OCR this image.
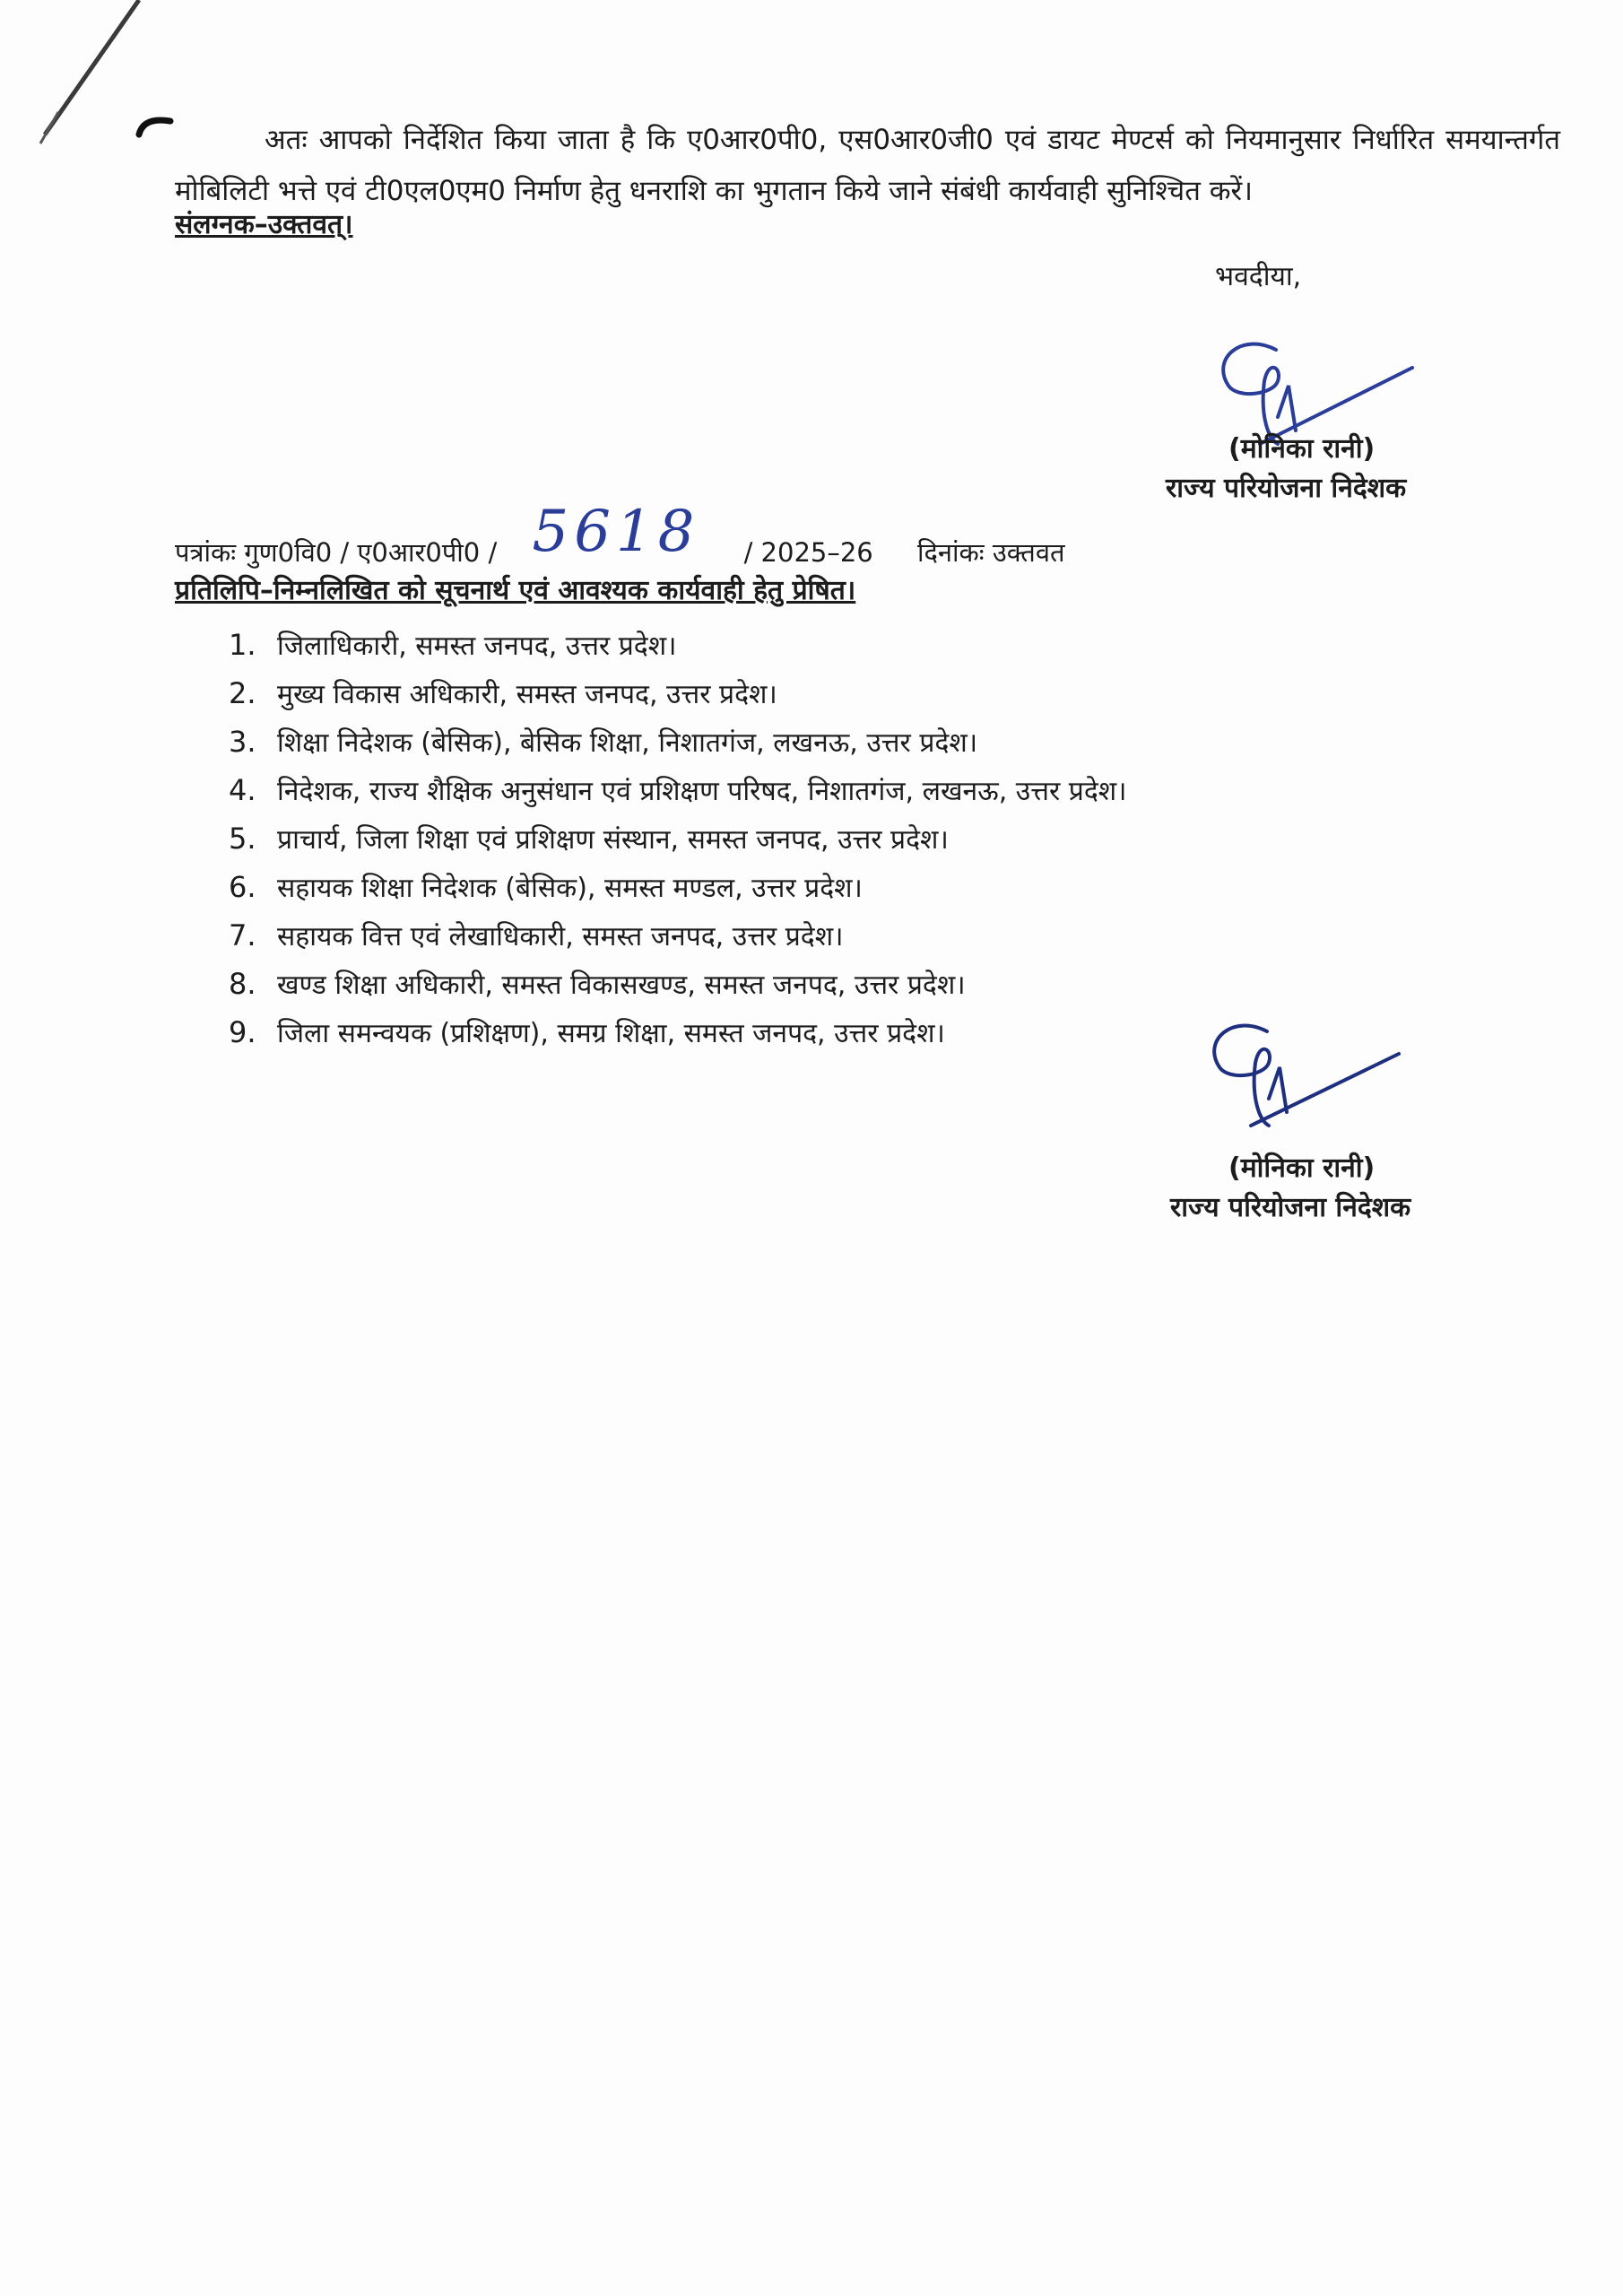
अतः आपको निर्देशित किया जाता है कि ए0आर0पी0, एस0आर0जी0 एवं डायट मेण्टर्स को नियमानुसार निर्धारित समयान्तर्गत मोबिलिटी भत्ते एवं टी0एल0एम0 निर्माण हेतु धनराशि का भुगतान किये जाने संबंधी कार्यवाही सुनिश्चित करें।
संलग्नक–उक्तवत्।
भवदीया,
(मोनिका रानी)
राज्य परियोजना निदेशक
पत्रांकः गुण0वि0 / ए0आर0पी0 / 5618 / 2025–26 दिनांकः उक्तवत
प्रतिलिपि–निम्नलिखित को सूचनार्थ एवं आवश्यक कार्यवाही हेतु प्रेषित।
1. जिलाधिकारी, समस्त जनपद, उत्तर प्रदेश।
2. मुख्य विकास अधिकारी, समस्त जनपद, उत्तर प्रदेश।
3. शिक्षा निदेशक (बेसिक), बेसिक शिक्षा, निशातगंज, लखनऊ, उत्तर प्रदेश।
4. निदेशक, राज्य शैक्षिक अनुसंधान एवं प्रशिक्षण परिषद, निशातगंज, लखनऊ, उत्तर प्रदेश।
5. प्राचार्य, जिला शिक्षा एवं प्रशिक्षण संस्थान, समस्त जनपद, उत्तर प्रदेश।
6. सहायक शिक्षा निदेशक (बेसिक), समस्त मण्डल, उत्तर प्रदेश।
7. सहायक वित्त एवं लेखाधिकारी, समस्त जनपद, उत्तर प्रदेश।
8. खण्ड शिक्षा अधिकारी, समस्त विकासखण्ड, समस्त जनपद, उत्तर प्रदेश।
9. जिला समन्वयक (प्रशिक्षण), समग्र शिक्षा, समस्त जनपद, उत्तर प्रदेश।
(मोनिका रानी)
राज्य परियोजना निदेशक
